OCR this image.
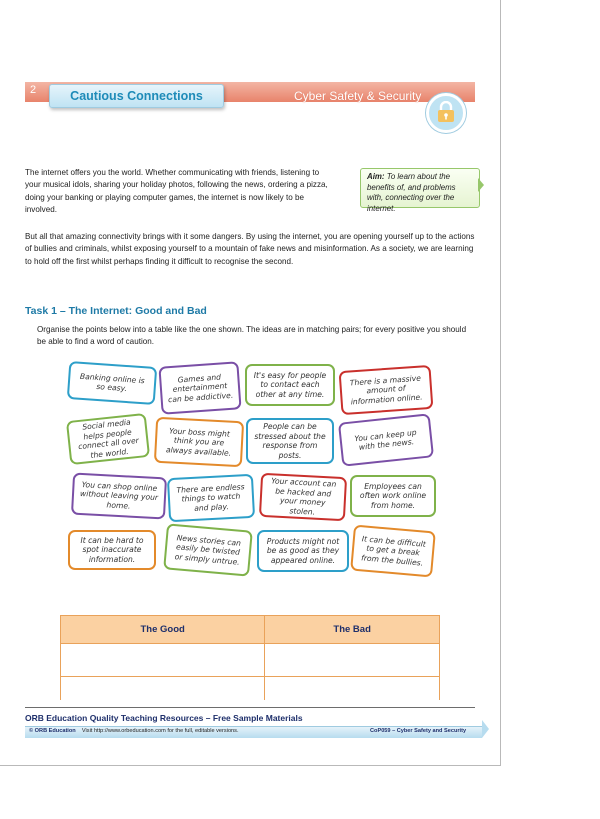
2	Cautious Connections	Cyber Safety & Security
The internet offers you the world. Whether communicating with friends, listening to your musical idols, sharing your holiday photos, following the news, ordering a pizza, doing your banking or playing computer games, the internet is now likely to be involved.
Aim: To learn about the benefits of, and problems with, connecting over the internet.
But all that amazing connectivity brings with it some dangers. By using the internet, you are opening yourself up to the actions of bullies and criminals, whilst exposing yourself to a mountain of fake news and misinformation. As a society, we are learning to hold off the first whilst perhaps finding it difficult to recognise the second.
Task 1 – The Internet: Good and Bad
Organise the points below into a table like the one shown. The ideas are in matching pairs; for every positive you should be able to find a word of caution.
Banking online is so easy.
Games and entertainment can be addictive.
It's easy for people to contact each other at any time.
There is a massive amount of information online.
Social media helps people connect all over the world.
Your boss might think you are always available.
People can be stressed about the response from posts.
You can keep up with the news.
You can shop online without leaving your home.
There are endless things to watch and play.
Your account can be hacked and your money stolen.
Employees can often work online from home.
It can be hard to spot inaccurate information.
News stories can easily be twisted or simply untrue.
Products might not be as good as they appeared online.
It can be difficult to get a break from the bullies.
The Good	The Bad

ORB Education Quality Teaching Resources – Free Sample Materials
© ORB Education Visit http://www.orbeducation.com for the full, editable versions.	CoP059 – Cyber Safety and Security
